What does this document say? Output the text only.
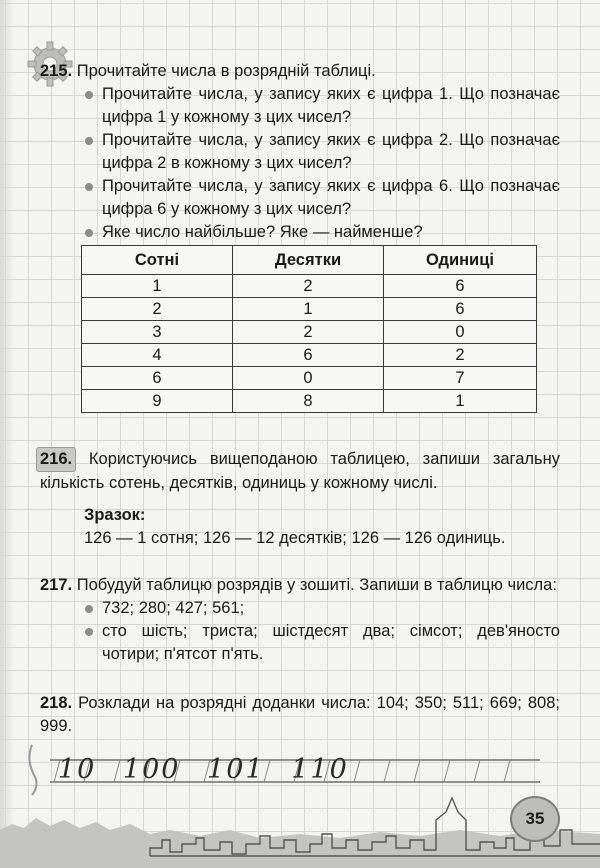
215. Прочитайте числа в розрядній таблиці.
Прочитайте числа, у запису яких є цифра 1. Що позначає цифра 1 у кожному з цих чисел?
Прочитайте числа, у запису яких є цифра 2. Що позначає цифра 2 в кожному з цих чисел?
Прочитайте числа, у запису яких є цифра 6. Що позначає цифра 6 у кожному з цих чисел?
Яке число найбільше? Яке — найменше?
Сотні	Десятки	Одиниці
1	2	6
2	1	6
3	2	0
4	6	2
6	0	7
9	8	1
216. Користуючись вищеподаною таблицею, запиши загальну кількість сотень, десятків, одиниць у кожному числі.
Зразок:
126 — 1 сотня; 126 — 12 десятків; 126 — 126 одиниць.
217. Побудуй таблицю розрядів у зошиті. Запиши в таблицю числа:
732; 280; 427; 561;
сто шість; триста; шістдесят два; сімсот; дев'яносто чотири; п'ятсот п'ять.
218. Розклади на розрядні доданки числа: 104; 350; 511; 669; 808; 999.
10 100 101 110
35
